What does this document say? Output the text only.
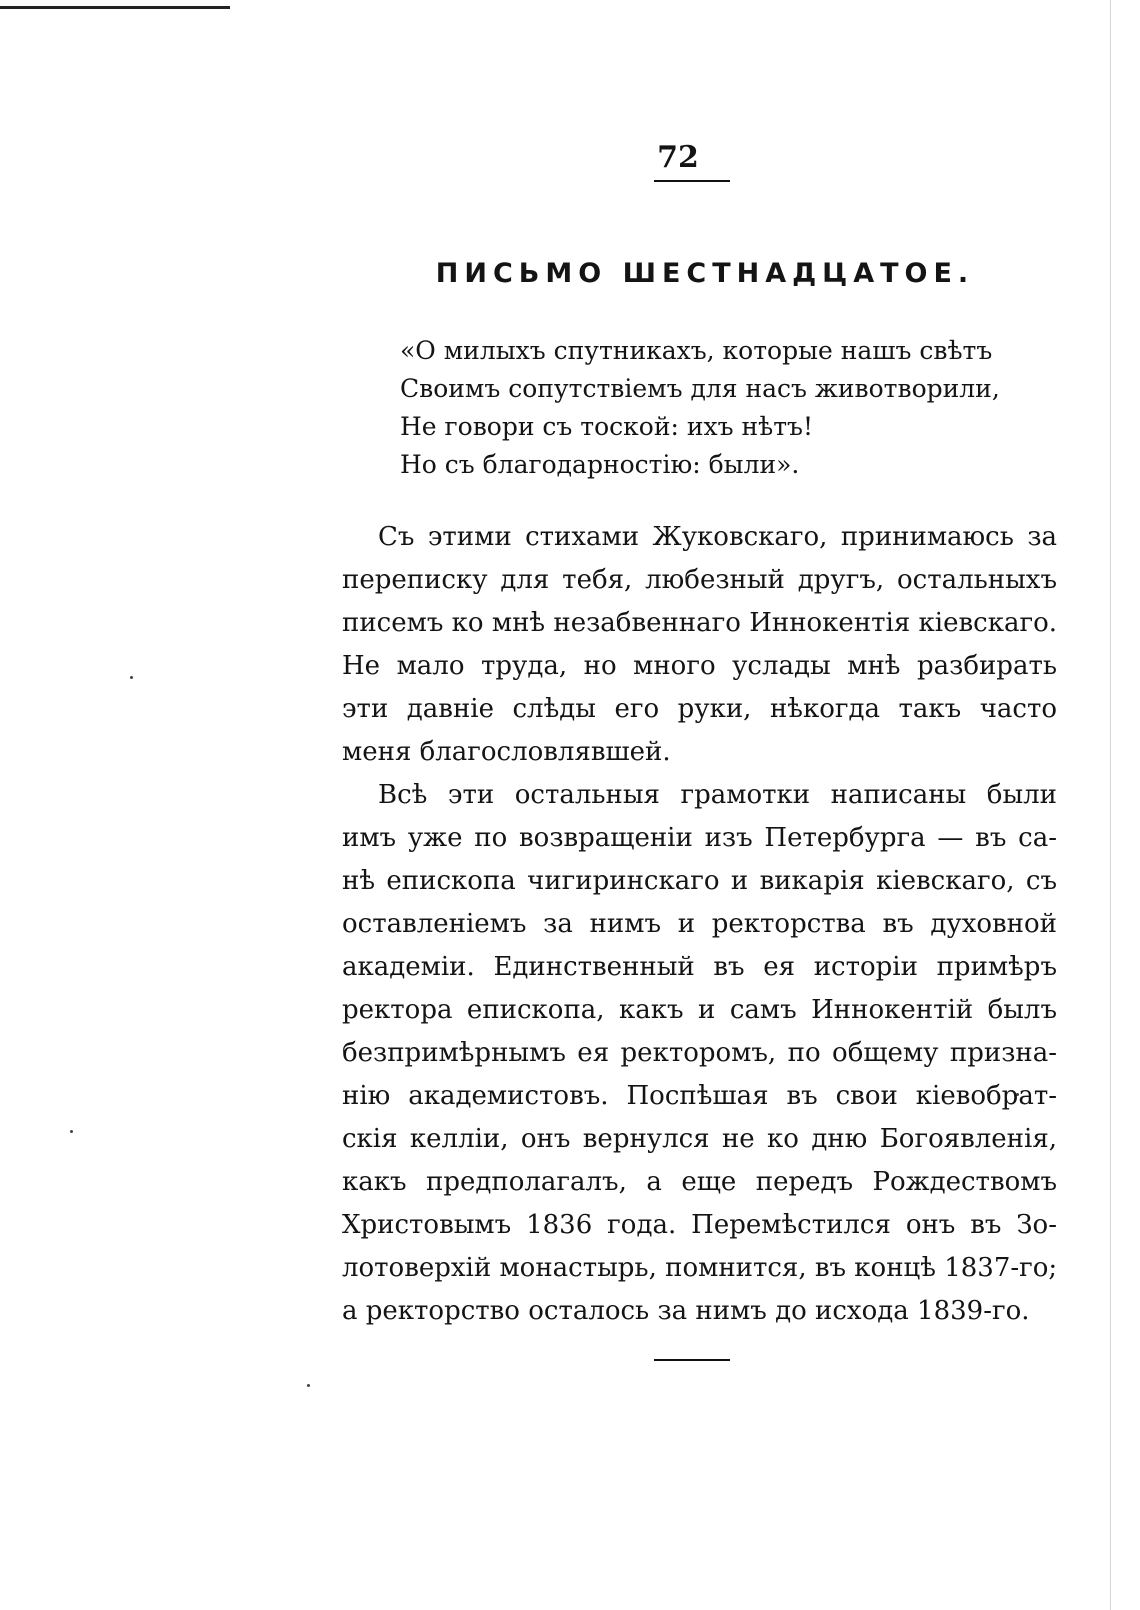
72
ПИСЬМО ШЕСТНАДЦАТОЕ.
«О милыхъ спутникахъ, которые нашъ свѣтъ
Своимъ сопутствіемъ для насъ животворили,
Не говори съ тоской: ихъ нѣтъ!
Но съ благодарностію: были».
Съ этими стихами Жуковскаго, принимаюсь за
переписку для тебя, любезный другъ, остальныхъ
писемъ ко мнѣ незабвеннаго Иннокентія кіевскаго.
Не мало труда, но много услады мнѣ разбирать
эти давніе слѣды его руки, нѣкогда такъ часто
меня благословлявшей.
Всѣ эти остальныя грамотки написаны были
имъ уже по возвращеніи изъ Петербурга — въ са-
нѣ епископа чигиринскаго и викарія кіевскаго, съ
оставленіемъ за нимъ и ректорства въ духовной
академіи. Единственный въ ея исторіи примѣръ
ректора епископа, какъ и самъ Иннокентій былъ
безпримѣрнымъ ея ректоромъ, по общему призна-
нію академистовъ. Поспѣшая въ свои кіевобрат-
скія келліи, онъ вернулся не ко дню Богоявленія,
какъ предполагалъ, а еще передъ Рождествомъ
Христовымъ 1836 года. Перемѣстился онъ въ Зо-
лотоверхій монастырь, помнится, въ концѣ 1837-го;
а ректорство осталось за нимъ до исхода 1839-го.
